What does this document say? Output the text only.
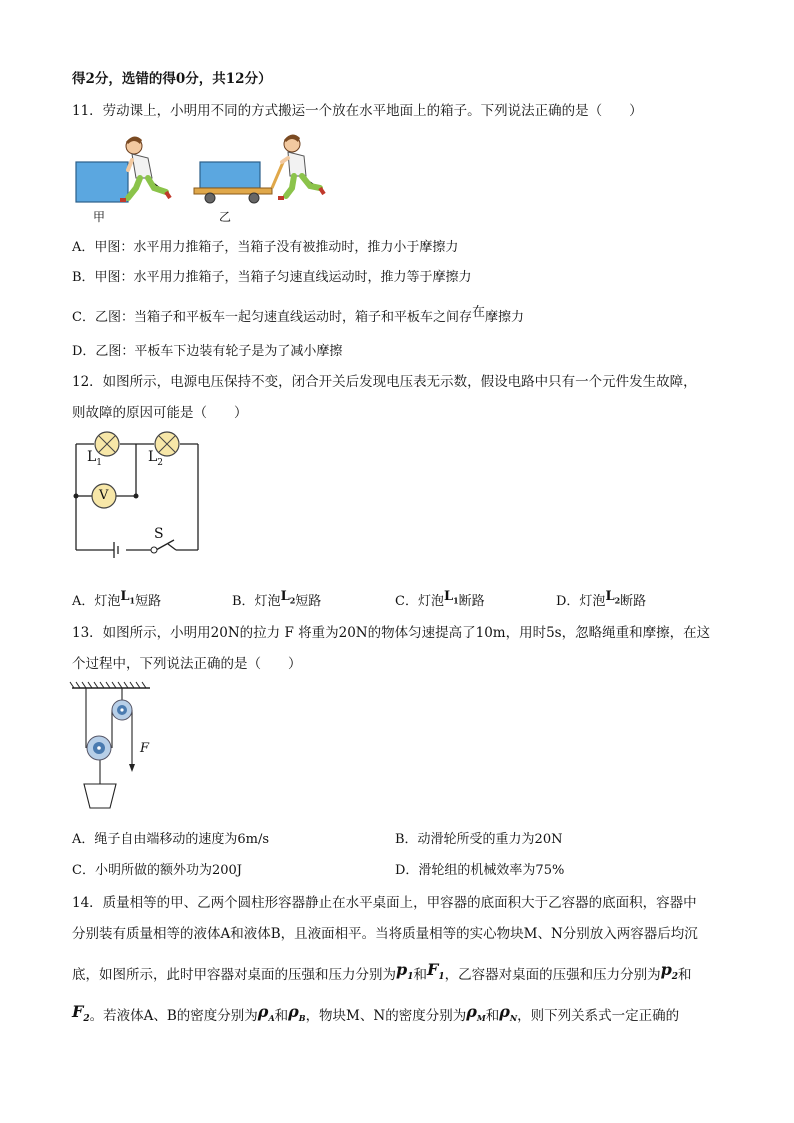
得2分，选错的得0分，共12分）
11．劳动课上，小明用不同的方式搬运一个放在水平地面上的箱子。下列说法正确的是（　　）
甲	乙
A．甲图：水平用力推箱子，当箱子没有被推动时，推力小于摩擦力
B．甲图：水平用力推箱子，当箱子匀速直线运动时，推力等于摩擦力
C．乙图：当箱子和平板车一起匀速直线运动时，箱子和平板车之间存在摩擦力
D．乙图：平板车下边装有轮子是为了减小摩擦
12．如图所示，电源电压保持不变，闭合开关后发现电压表无示数，假设电路中只有一个元件发生故障，
则故障的原因可能是（　　）
$L_1$	$L_2$
V
S
A．灯泡$L_1$短路	B．灯泡$L_2$短路	C．灯泡$L_1$断路	D．灯泡$L_2$断路
13．如图所示，小明用20N的拉力 F 将重为20N的物体匀速提高了10m，用时5s，忽略绳重和摩擦，在这
个过程中，下列说法正确的是（　　）
F
A．绳子自由端移动的速度为6m/s	B．动滑轮所受的重力为20N
C．小明所做的额外功为200J	D．滑轮组的机械效率为75%
14．质量相等的甲、乙两个圆柱形容器静止在水平桌面上，甲容器的底面积大于乙容器的底面积，容器中
分别装有质量相等的液体A和液体B，且液面相平。当将质量相等的实心物块M、N分别放入两容器后均沉
底，如图所示，此时甲容器对桌面的压强和压力分别为$p_1$和$F_1$，乙容器对桌面的压强和压力分别为$p_2$和
$F_2$。若液体A、B的密度分别为$\rho_A$和$\rho_B$，物块M、N的密度分别为$\rho_M$和$\rho_N$，则下列关系式一定正确的
